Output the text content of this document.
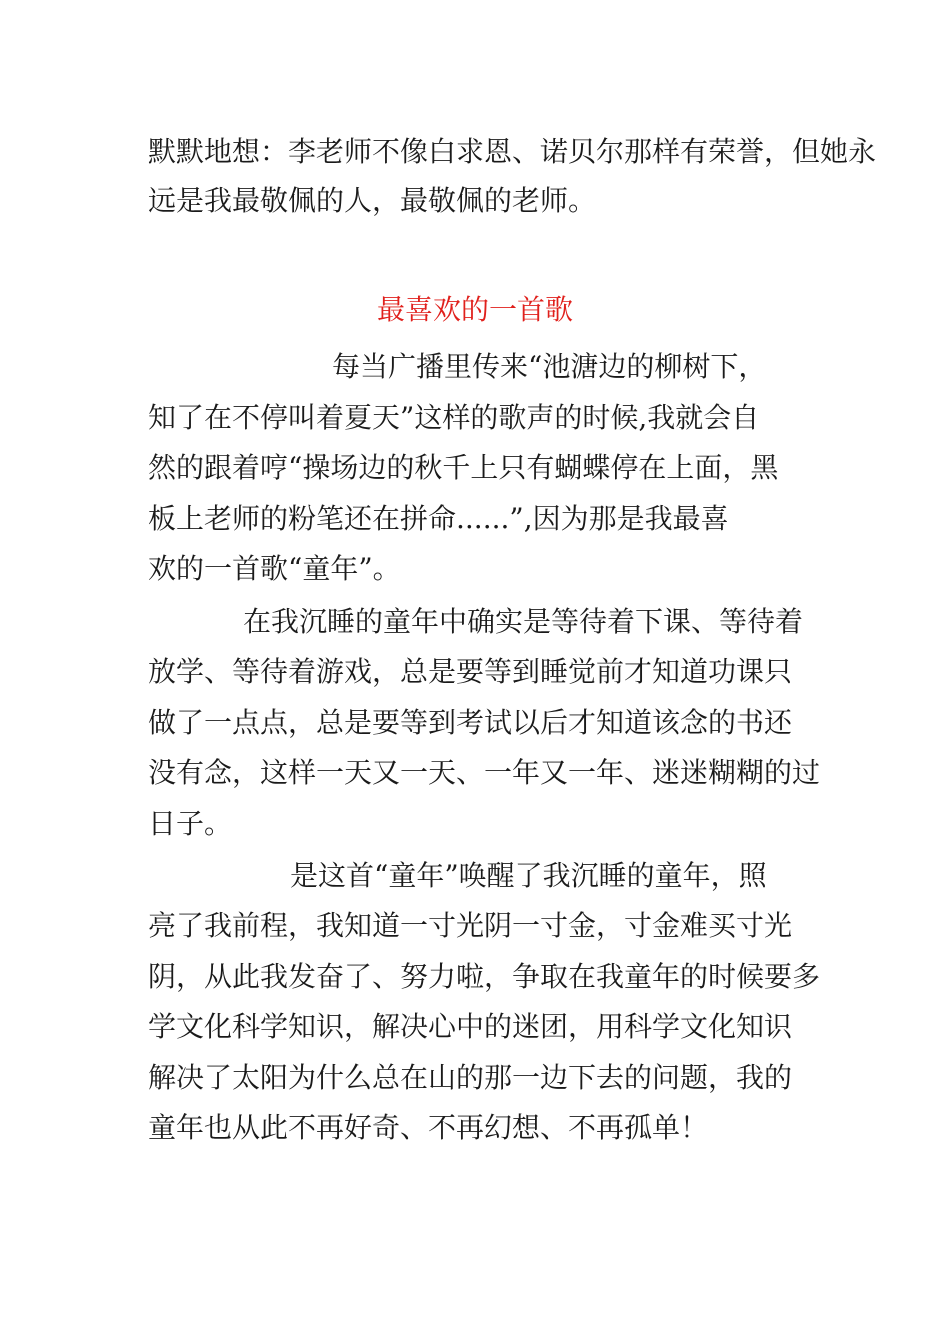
默默地想：李老师不像白求恩、诺贝尔那样有荣誉，但她永
远是我最敬佩的人，最敬佩的老师。
最喜欢的一首歌
每当广播里传来“池溏边的柳树下，
知了在不停叫着夏天”这样的歌声的时候,我就会自
然的跟着哼“操场边的秋千上只有蝴蝶停在上面，黑
板上老师的粉笔还在拼命......”,因为那是我最喜
欢的一首歌“童年”。
在我沉睡的童年中确实是等待着下课、等待着
放学、等待着游戏，总是要等到睡觉前才知道功课只
做了一点点，总是要等到考试以后才知道该念的书还
没有念，这样一天又一天、一年又一年、迷迷糊糊的过
日子。
是这首“童年”唤醒了我沉睡的童年，照
亮了我前程，我知道一寸光阴一寸金，寸金难买寸光
阴，从此我发奋了、努力啦，争取在我童年的时候要多
学文化科学知识，解决心中的迷团，用科学文化知识
解决了太阳为什么总在山的那一边下去的问题，我的
童年也从此不再好奇、不再幻想、不再孤单！
